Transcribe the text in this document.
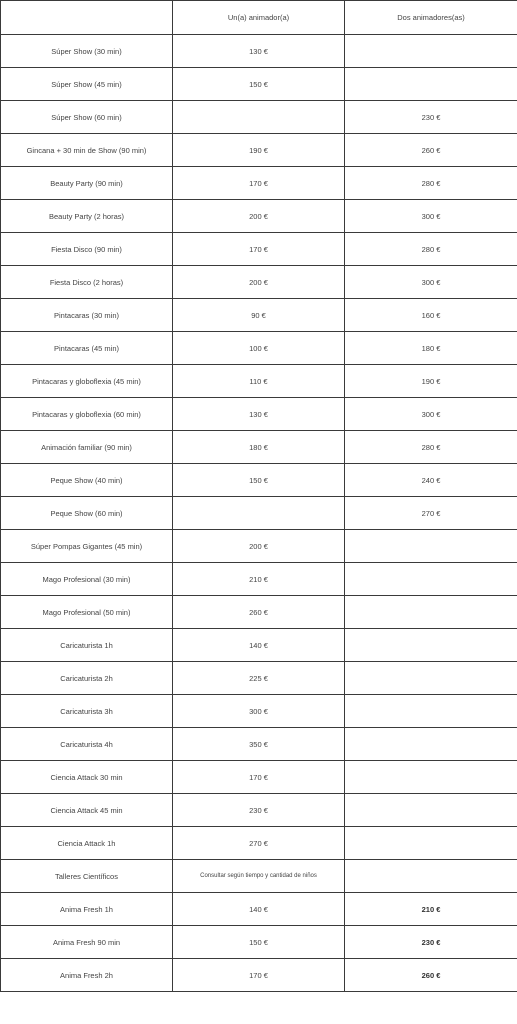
	Un(a) animador(a)	Dos animadores(as)
Súper Show (30 min)	130 €	
Súper Show (45 min)	150 €	
Súper Show (60 min)		230 €
Gincana + 30 min de Show (90 min)	190 €	260 €
Beauty Party (90 min)	170 €	280 €
Beauty Party (2 horas)	200 €	300 €
Fiesta Disco (90 min)	170 €	280 €
Fiesta Disco (2 horas)	200 €	300 €
Pintacaras (30 min)	90 €	160 €
Pintacaras (45 min)	100 €	180 €
Pintacaras y globoflexia (45 min)	110 €	190 €
Pintacaras y globoflexia (60 min)	130 €	300 €
Animación familiar (90 min)	180 €	280 €
Peque Show (40 min)	150 €	240 €
Peque Show (60 min)		270 €
Súper Pompas Gigantes (45 min)	200 €	
Mago Profesional (30 min)	210 €	
Mago Profesional (50 min)	260 €	
Caricaturista 1h	140 €	
Caricaturista 2h	225 €	
Caricaturista 3h	300 €	
Caricaturista 4h	350 €	
Ciencia Attack 30 min	170 €	
Ciencia Attack 45 min	230 €	
Ciencia Attack 1h	270 €	
Talleres Científicos	Consultar según tiempo y cantidad de niños	
Anima Fresh 1h	140 €	210 €
Anima Fresh 90 min	150 €	230 €
Anima Fresh 2h	170 €	260 €
